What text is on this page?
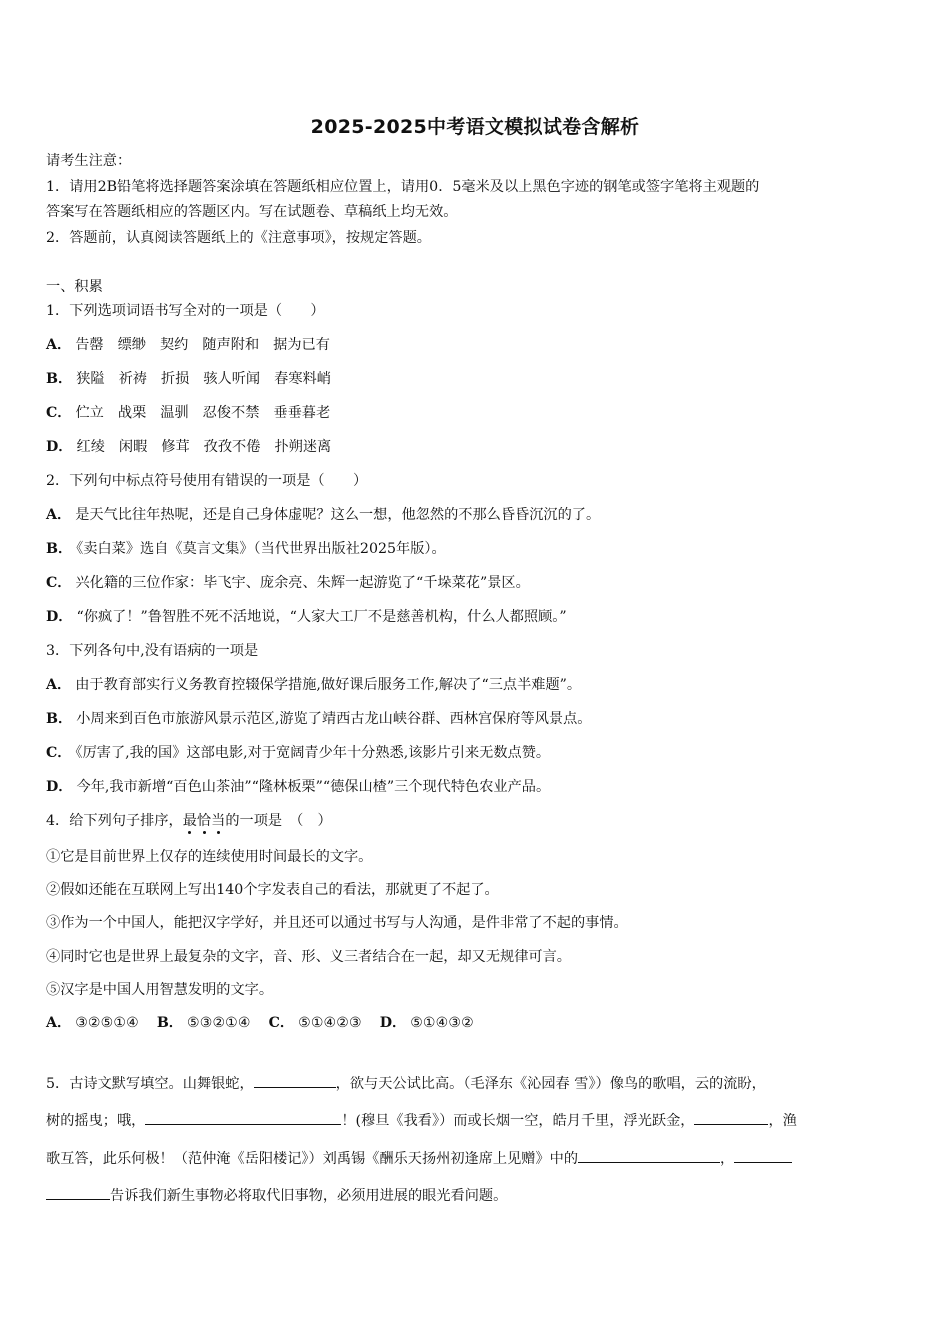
2025-2025中考语文模拟试卷含解析
请考生注意：
1．请用2B铅笔将选择题答案涂填在答题纸相应位置上，请用0．5毫米及以上黑色字迹的钢笔或签字笔将主观题的
答案写在答题纸相应的答题区内。写在试题卷、草稿纸上均无效。
2．答题前，认真阅读答题纸上的《注意事项》，按规定答题。
一、积累
1．下列选项词语书写全对的一项是（　　）
A． 告罄 缥缈 契约 随声附和 据为已有
B． 狭隘 祈祷 折损 骇人听闻 春寒料峭
C． 伫立 战栗 温驯 忍俊不禁 垂垂暮老
D． 红绫 闲暇 修茸 孜孜不倦 扑朔迷离
2．下列句中标点符号使用有错误的一项是（　　）
A． 是天气比往年热呢，还是自己身体虚呢？这么一想，他忽然的不那么昏昏沉沉的了。
B． 《卖白菜》选自《莫言文集》（当代世界出版社2025年版）。
C． 兴化籍的三位作家：毕飞宇、庞余亮、朱辉一起游览了“千垛菜花”景区。
D． “你疯了！”鲁智胜不死不活地说，“人家大工厂不是慈善机构，什么人都照顾。”
3．下列各句中,没有语病的一项是
A． 由于教育部实行义务教育控辍保学措施,做好课后服务工作,解决了“三点半难题”。
B． 小周来到百色市旅游风景示范区,游览了靖西古龙山峡谷群、西林宫保府等风景点。
C． 《厉害了,我的国》这部电影,对于宽阔青少年十分熟悉,该影片引来无数点赞。
D． 今年,我市新增“百色山茶油”“隆林板栗”“德保山楂”三个现代特色农业产品。
4．给下列句子排序，最恰当的一项是　（　）
①它是目前世界上仅存的连续使用时间最长的文字。
②假如还能在互联网上写出140个字发表自己的看法，那就更了不起了。
③作为一个中国人，能把汉字学好，并且还可以通过书写与人沟通，是件非常了不起的事情。
④同时它也是世界上最复杂的文字，音、形、义三者结合在一起，却又无规律可言。
⑤汉字是中国人用智慧发明的文字。
A． ③②⑤①④ B． ⑤③②①④ C． ⑤①④②③ D． ⑤①④③②
5．古诗文默写填空。山舞银蛇，	，欲与天公试比高。（毛泽东《沁园春 雪》）像鸟的歌唱，云的流盼，
树的摇曳；哦，	！(穆旦《我看》）而或长烟一空，皓月千里，浮光跃金，	，渔
歌互答，此乐何极！（范仲淹《岳阳楼记》）刘禹锡《酬乐天扬州初逢席上见赠》中的	，
告诉我们新生事物必将取代旧事物，必须用进展的眼光看问题。
